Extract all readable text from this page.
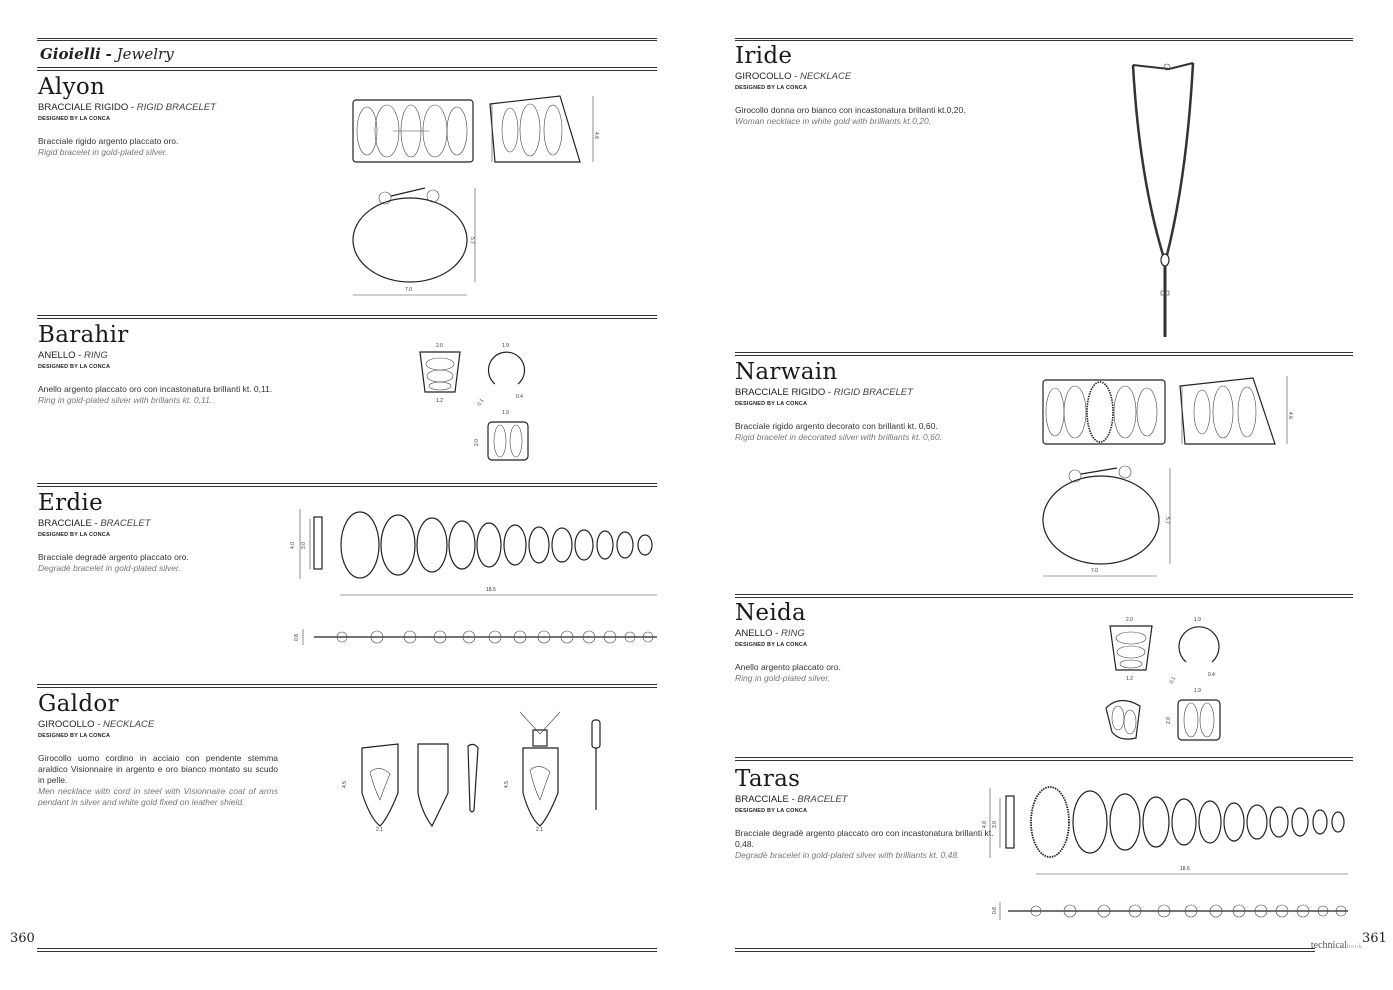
Gioielli - Jewelry
360	361
technicalbook
Alyon
BRACCIALE RIGIDO - RIGID BRACELET
DESIGNED BY LA CONCA
Bracciale rigido argento placcato oro.
Rigid bracelet in gold-plated silver.
4.6
5.7
7.0
Barahir
ANELLO - RING
DESIGNED BY LA CONCA
Anello argento placcato oro con incastonatura brillanti kt. 0,11.
Ring in gold-plated silver with brillants kt. 0,11.
2.0
1.2
1.9
0.1
0.4
1.9
2.0
Erdie
BRACCIALE - BRACELET
DESIGNED BY LA CONCA
Bracciale degradè argento placcato oro.
Degradè bracelet in gold-plated silver.
4.0 3.0
18.6
0.8
Galdor
GIROCOLLO - NECKLACE
DESIGNED BY LA CONCA
Girocollo uomo cordino in acciaio con pendente stemma araldico Visionnaire in argento e oro bianco montato su scudo in pelle.
Men necklace with cord in steel with Visionnaire coat of arms pendant in silver and white gold fixed on leather shield.
4.5
2.1
4.5
2.1
Iride
GIROCOLLO - NECKLACE
DESIGNED BY LA CONCA
Girocollo donna oro bianco con incastonatura brillanti kt.0,20.
Woman necklace in white gold with brilliants kt.0,20.
Narwain
BRACCIALE RIGIDO - RIGID BRACELET
DESIGNED BY LA CONCA
Bracciale rigido argento decorato con brillanti kt. 0,60.
Rigid bracelet in decorated silver with brilliants kt. 0,60.
4.6
5.7
7.0
Neida
ANELLO - RING
DESIGNED BY LA CONCA
Anello argento placcato oro.
Ring in gold-plated silver.
2.0
1.2
1.9
0.1
0.4
1.9
2.0
Taras
BRACCIALE - BRACELET
DESIGNED BY LA CONCA
Bracciale degradè argento placcato oro con incastonatura brillanti kt. 0,48.
Degradè bracelet in gold-plated silver with brilliants kt. 0,48.
4.0 3.0
18.6
0.8
